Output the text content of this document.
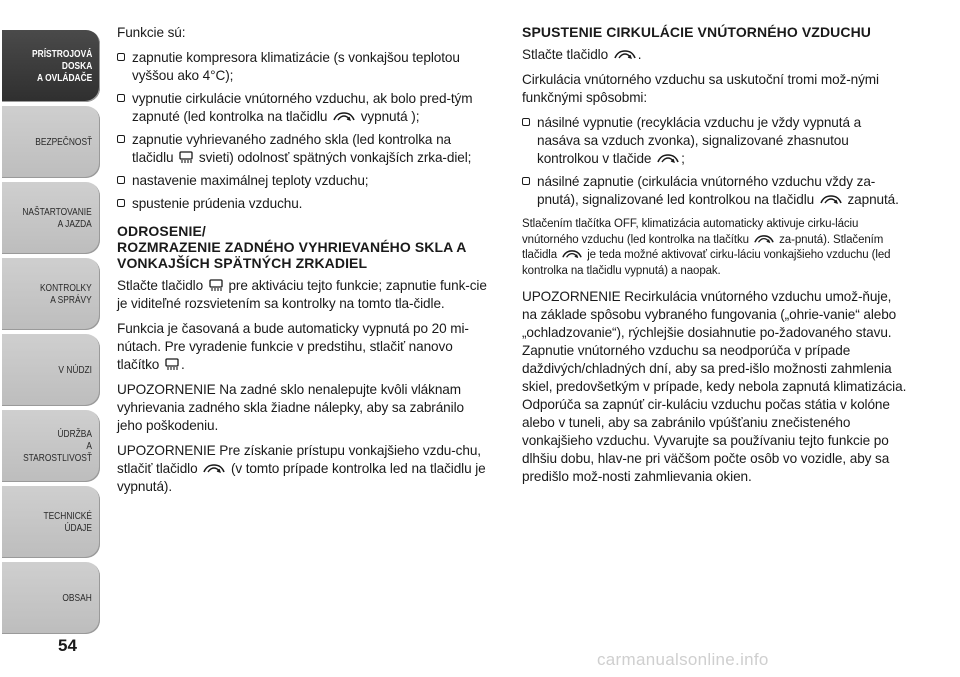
PRÍSTROJOVÁ
DOSKA
A OVLÁDAČE
BEZPEČNOSŤ
NAŠTARTOVANIE
A JAZDA
KONTROLKY
A SPRÁVY
V NÚDZI
ÚDRŽBA
A STAROSTLIVOSŤ
TECHNICKÉ ÚDAJE
OBSAH
54

Funkcie sú:

zapnutie kompresora klimatizácie (s vonkajšou teplotou vyššou ako 4°C);
vypnutie cirkulácie vnútorného vzduchu, ak bolo pred-tým zapnuté (led kontrolka na tlačidlu vypnutá );
zapnutie vyhrievaného zadného skla (led kontrolka na tlačidlu svieti) odolnosť spätných vonkajších zrka-diel;
nastavenie maximálnej teploty vzduchu;
spustenie prúdenia vzduchu.
ODROSENIE/
ROZMRAZENIE ZADNÉHO VYHRIEVANÉHO SKLA A VONKAJŠÍCH SPÄTNÝCH ZRKADIEL

Stlačte tlačidlo pre aktiváciu tejto funkcie; zapnutie funk-cie je viditeľné rozsvietením sa kontrolky na tomto tla-čidle.

Funkcia je časovaná a bude automaticky vypnutá po 20 mi-nútach. Pre vyradenie funkcie v predstihu, stlačiť nanovo tlačítko .

UPOZORNENIE Na zadné sklo nenalepujte kvôli vláknam vyhrievania zadného skla žiadne nálepky, aby sa zabránilo jeho poškodeniu.

UPOZORNENIE Pre získanie prístupu vonkajšieho vzdu-chu, stlačiť tlačidlo (v tomto prípade kontrolka led na tlačidlu je vypnutá).

SPUSTENIE CIRKULÁCIE VNÚTORNÉHO VZDUCHU

Stlačte tlačidlo .

Cirkulácia vnútorného vzduchu sa uskutoční tromi mož-nými funkčnými spôsobmi:

násilné vypnutie (recyklácia vzduchu je vždy vypnutá a nasáva sa vzduch zvonka), signalizované zhasnutou kontrolkou v tlačide ;
násilné zapnutie (cirkulácia vnútorného vzduchu vždy za-pnutá), signalizované led kontrolkou na tlačidlu zapnutá.

Stlačením tlačítka OFF, klimatizácia automaticky aktivuje cirku-láciu vnútorného vzduchu (led kontrolka na tlačítku	za-pnutá). Stlačením tlačidla	je teda možné aktivovať cirku-láciu vonkajšieho vzduchu (led kontrolka na tlačidlu vypnutá) a naopak.

UPOZORNENIE Recirkulácia vnútorného vzduchu umož-ňuje, na základe spôsobu vybraného fungovania („ohrie-vanie“ alebo „ochladzovanie“), rýchlejšie dosiahnutie po-žadovaného stavu. Zapnutie vnútorného vzduchu sa neodporúča v prípade daždivých/chladných dní, aby sa pred-išlo možnosti zahmlenia skiel, predovšetkým v prípade, kedy nebola zapnutá klimatizácia. Odporúča sa zapnúť cir-kuláciu vzduchu počas státia v kolóne alebo v tuneli, aby sa zabránilo vpúšťaniu znečisteného vonkajšieho vzduchu. Vyvarujte sa používaniu tejto funkcie po dlhšiu dobu, hlav-ne pri väčšom počte osôb vo vozidle, aby sa predišlo mož-nosti zahmlievania okien.

carmanualsonline.info
